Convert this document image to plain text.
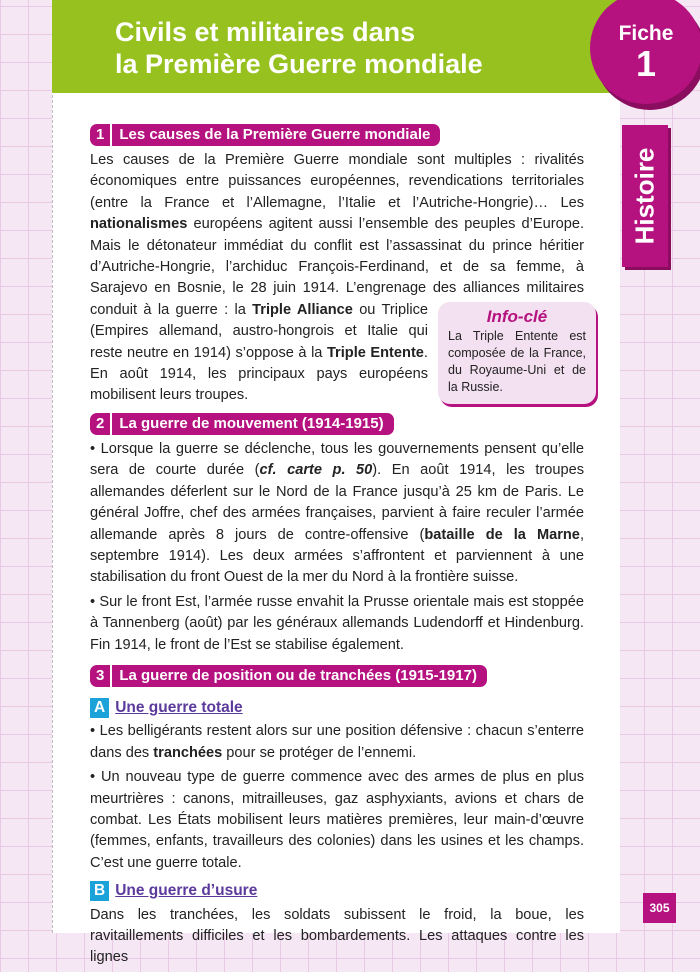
Civils et militaires dans
la Première Guerre mondiale
Fiche
1
Histoire
1	Les causes de la Première Guerre mondiale

Les causes de la Première Guerre mondiale sont multiples : rivalités économiques entre puissances européennes, revendications territoriales (entre la France et l’Allemagne, l’Italie et l’Autriche-Hongrie)… Les nationalismes européens agitent aussi l’ensemble des peuples d’Europe. Mais le détonateur immédiat du conflit est l’assassinat du prince héritier d’Autriche-Hongrie, l’archiduc François-Ferdinand, et de sa femme, à Sarajevo en Bosnie, le 28 juin 1914. L’engrenage des alliances militaires conduit à la guerre : la Triple Alliance	Info-clé
La Triple Entente est composée de la France, du Royaume-Uni et de la Russie.
ou Triplice (Empires allemand, austro-hongrois et Italie qui reste neutre en 1914) s’oppose à la Triple Entente. En août 1914, les principaux pays européens mobilisent leurs troupes.

2	La guerre de mouvement (1914-1915)

• Lorsque la guerre se déclenche, tous les gouvernements pensent qu’elle sera de courte durée (cf. carte p. 50). En août 1914, les troupes allemandes déferlent sur le Nord de la France jusqu’à 25 km de Paris. Le général Joffre, chef des armées françaises, parvient à faire reculer l’armée allemande après 8 jours de contre-offensive (bataille de la Marne, septembre 1914). Les deux armées s’affrontent et parviennent à une stabilisation du front Ouest de la mer du Nord à la frontière suisse.

• Sur le front Est, l’armée russe envahit la Prusse orientale mais est stoppée à Tannenberg (août) par les généraux allemands Ludendorff et Hindenburg. Fin 1914, le front de l’Est se stabilise également.

3	La guerre de position ou de tranchées (1915-1917)
A Une guerre totale

• Les belligérants restent alors sur une position défensive : chacun s’enterre dans des tranchées pour se protéger de l’ennemi.

• Un nouveau type de guerre commence avec des armes de plus en plus meurtrières : canons, mitrailleuses, gaz asphyxiants, avions et chars de combat. Les États mobilisent leurs matières premières, leur main-d’œuvre (femmes, enfants, travailleurs des colonies) dans les usines et les champs. C’est une guerre totale.

B Une guerre d’usure

Dans les tranchées, les soldats subissent le froid, la boue, les ravitaillements difficiles et les bombardements. Les attaques contre les lignes

305
